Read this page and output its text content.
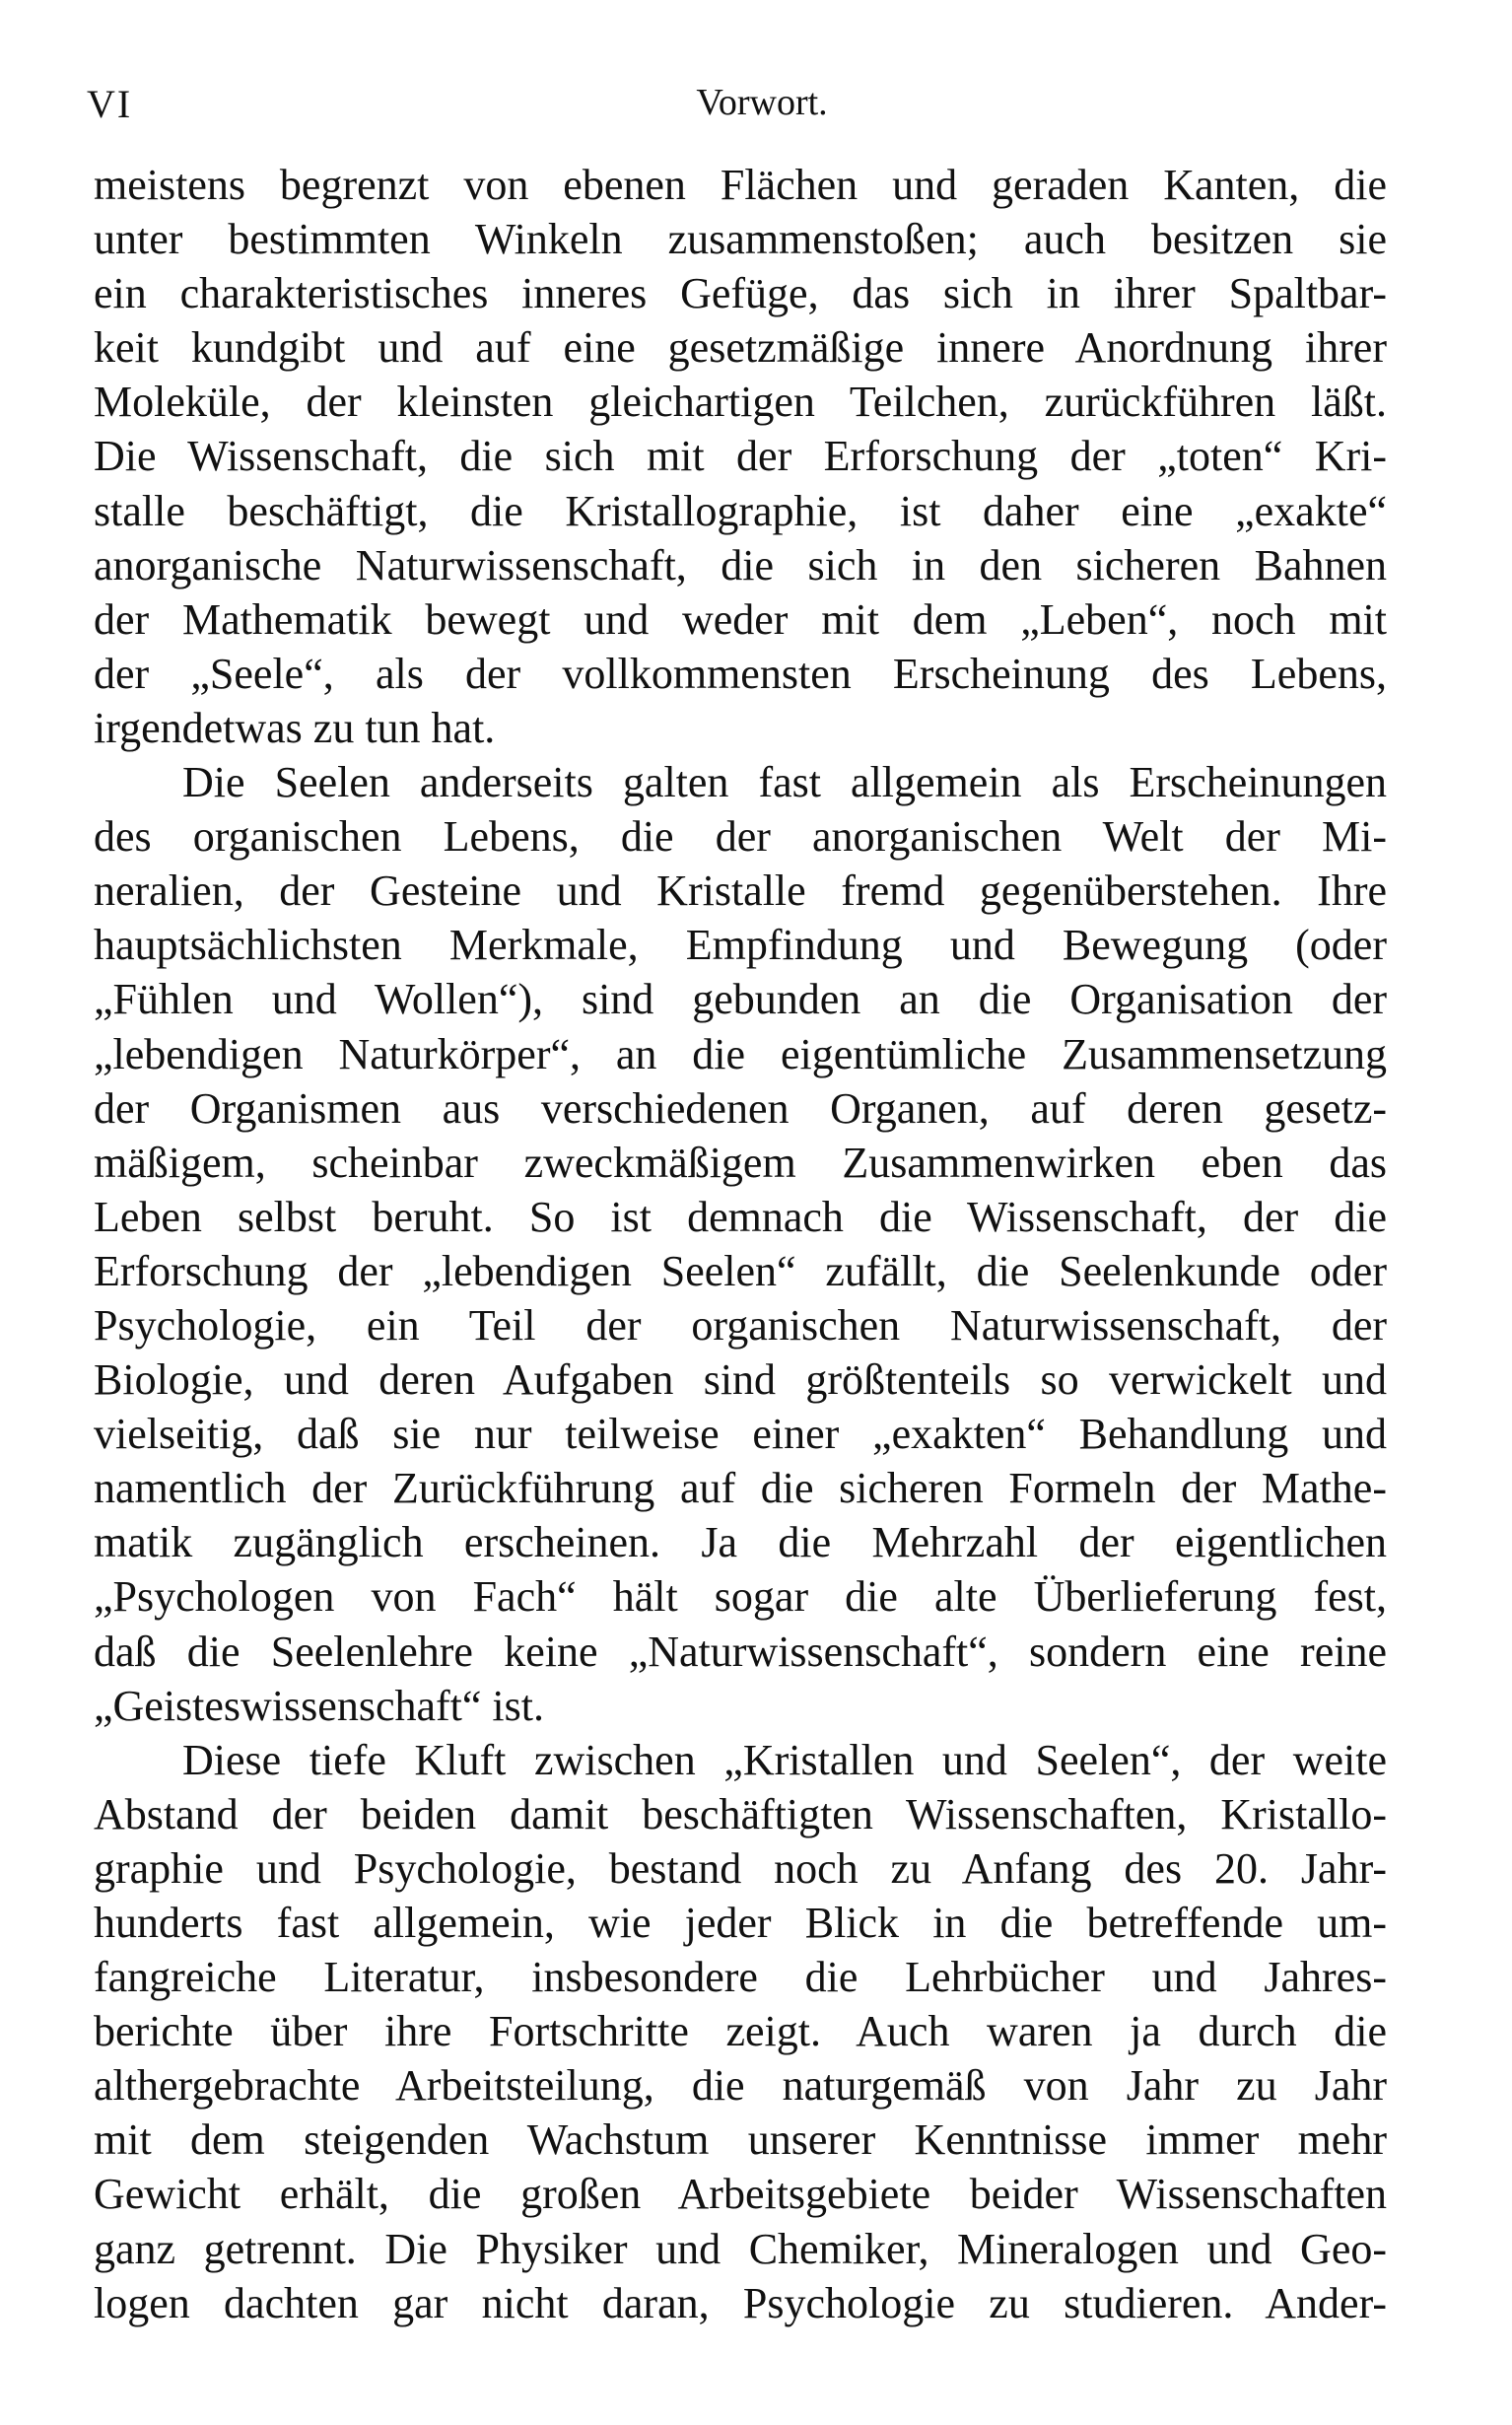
VI	Vorwort.
meistens begrenzt von ebenen Flächen und geraden Kanten, die
unter bestimmten Winkeln zusammenstoßen; auch besitzen sie
ein charakteristisches inneres Gefüge, das sich in ihrer Spaltbar-
keit kundgibt und auf eine gesetzmäßige innere Anordnung ihrer
Moleküle, der kleinsten gleichartigen Teilchen, zurückführen läßt.
Die Wissenschaft, die sich mit der Erforschung der „toten“ Kri-
stalle beschäftigt, die Kristallographie, ist daher eine „exakte“
anorganische Naturwissenschaft, die sich in den sicheren Bahnen
der Mathematik bewegt und weder mit dem „Leben“, noch mit
der „Seele“, als der vollkommensten Erscheinung des Lebens,
irgendetwas zu tun hat.
Die Seelen anderseits galten fast allgemein als Erscheinungen
des organischen Lebens, die der anorganischen Welt der Mi-
neralien, der Gesteine und Kristalle fremd gegenüberstehen. Ihre
hauptsächlichsten Merkmale, Empfindung und Bewegung (oder
„Fühlen und Wollen“), sind gebunden an die Organisation der
„lebendigen Naturkörper“, an die eigentümliche Zusammensetzung
der Organismen aus verschiedenen Organen, auf deren gesetz-
mäßigem, scheinbar zweckmäßigem Zusammenwirken eben das
Leben selbst beruht. So ist demnach die Wissenschaft, der die
Erforschung der „lebendigen Seelen“ zufällt, die Seelenkunde oder
Psychologie, ein Teil der organischen Naturwissenschaft, der
Biologie, und deren Aufgaben sind größtenteils so verwickelt und
vielseitig, daß sie nur teilweise einer „exakten“ Behandlung und
namentlich der Zurückführung auf die sicheren Formeln der Mathe-
matik zugänglich erscheinen. Ja die Mehrzahl der eigentlichen
„Psychologen von Fach“ hält sogar die alte Überlieferung fest,
daß die Seelenlehre keine „Naturwissenschaft“, sondern eine reine
„Geisteswissenschaft“ ist.
Diese tiefe Kluft zwischen „Kristallen und Seelen“, der weite
Abstand der beiden damit beschäftigten Wissenschaften, Kristallo-
graphie und Psychologie, bestand noch zu Anfang des 20. Jahr-
hunderts fast allgemein, wie jeder Blick in die betreffende um-
fangreiche Literatur, insbesondere die Lehrbücher und Jahres-
berichte über ihre Fortschritte zeigt. Auch waren ja durch die
althergebrachte Arbeitsteilung, die naturgemäß von Jahr zu Jahr
mit dem steigenden Wachstum unserer Kenntnisse immer mehr
Gewicht erhält, die großen Arbeitsgebiete beider Wissenschaften
ganz getrennt. Die Physiker und Chemiker, Mineralogen und Geo-
logen dachten gar nicht daran, Psychologie zu studieren. Ander-
